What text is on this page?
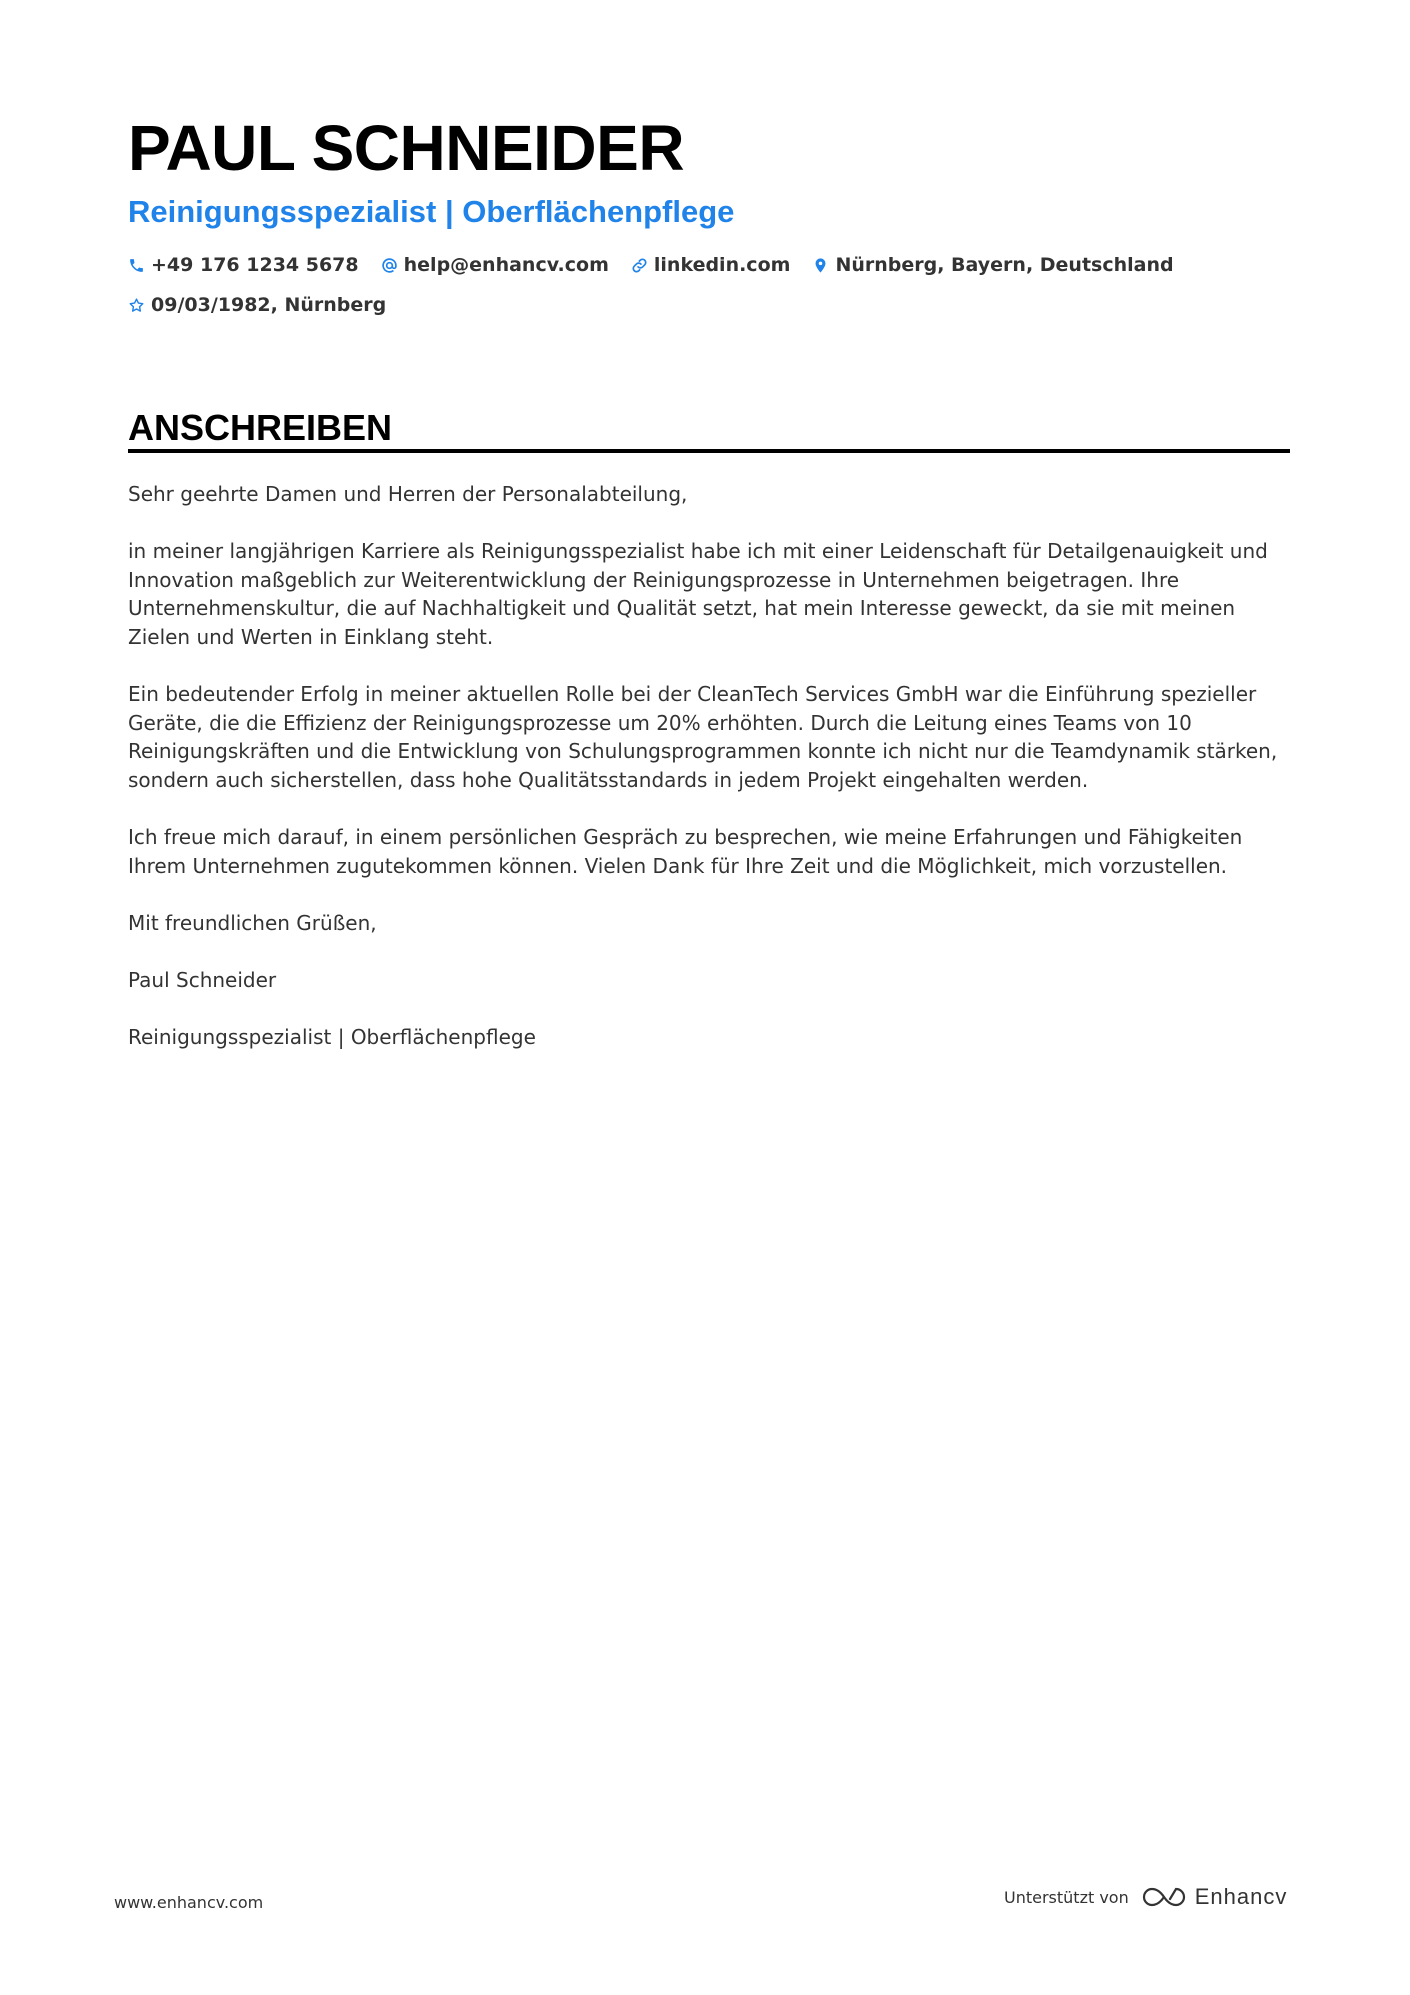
PAUL SCHNEIDER
Reinigungsspezialist | Oberflächenpflege
+49 176 1234 5678 help@enhancv.com linkedin.com Nürnberg, Bayern, Deutschland
09/03/1982, Nürnberg
ANSCHREIBEN

Sehr geehrte Damen und Herren der Personalabteilung,

in meiner langjährigen Karriere als Reinigungsspezialist habe ich mit einer Leidenschaft für Detailgenauigkeit und Innovation maßgeblich zur Weiterentwicklung der Reinigungsprozesse in Unternehmen beigetragen. Ihre Unternehmenskultur, die auf Nachhaltigkeit und Qualität setzt, hat mein Interesse geweckt, da sie mit meinen Zielen und Werten in Einklang steht.

Ein bedeutender Erfolg in meiner aktuellen Rolle bei der CleanTech Services GmbH war die Einführung spezieller Geräte, die die Effizienz der Reinigungsprozesse um 20% erhöhten. Durch die Leitung eines Teams von 10 Reinigungskräften und die Entwicklung von Schulungsprogrammen konnte ich nicht nur die Teamdynamik stärken, sondern auch sicherstellen, dass hohe Qualitätsstandards in jedem Projekt eingehalten werden.

Ich freue mich darauf, in einem persönlichen Gespräch zu besprechen, wie meine Erfahrungen und Fähigkeiten Ihrem Unternehmen zugutekommen können. Vielen Dank für Ihre Zeit und die Möglichkeit, mich vorzustellen.

Mit freundlichen Grüßen,

Paul Schneider

Reinigungsspezialist | Oberflächenpflege

www.enhancv.com	Unterstützt von	Enhancv
